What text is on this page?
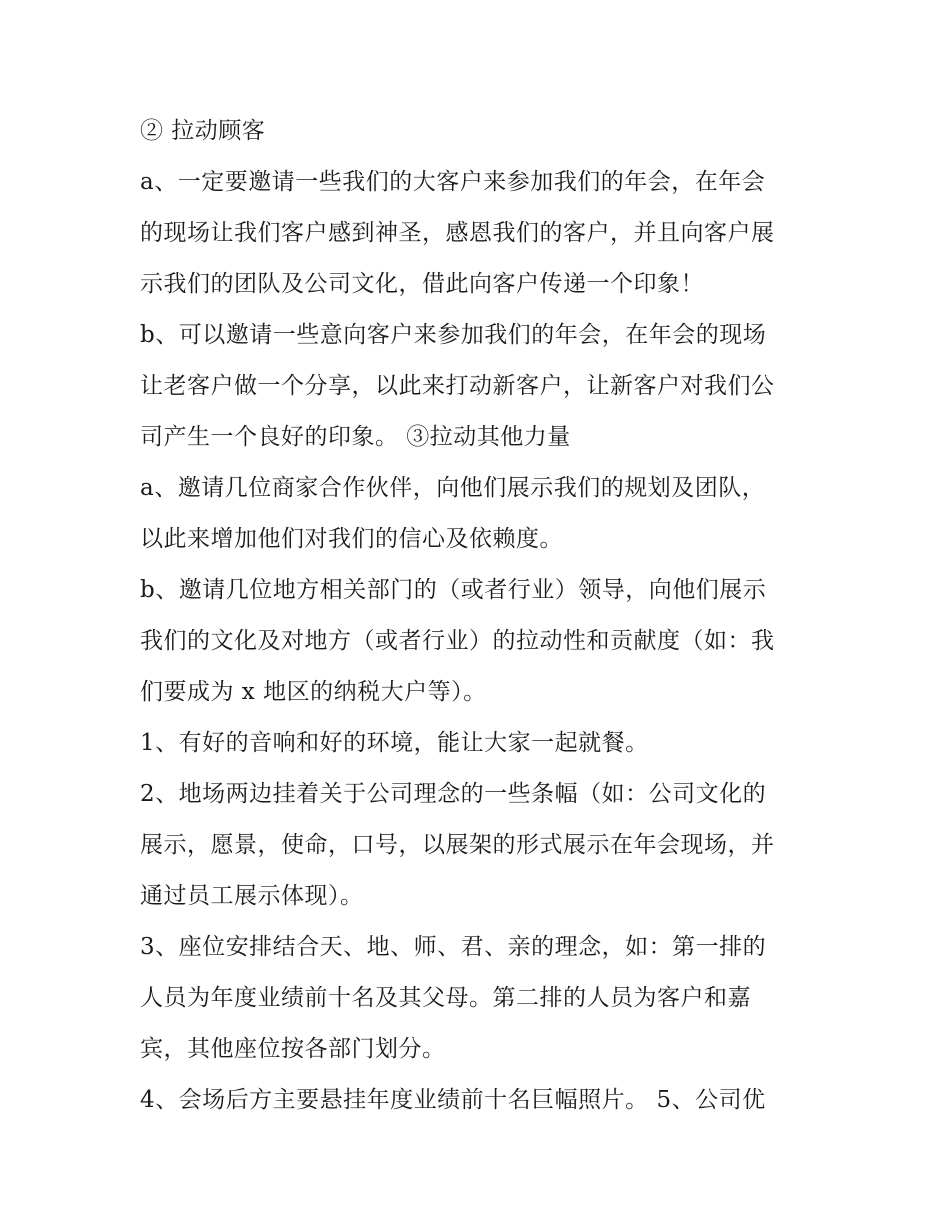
② 拉动顾客
a、一定要邀请一些我们的大客户来参加我们的年会，在年会
的现场让我们客户感到神圣，感恩我们的客户，并且向客户展
示我们的团队及公司文化，借此向客户传递一个印象！
b、可以邀请一些意向客户来参加我们的年会，在年会的现场
让老客户做一个分享，以此来打动新客户，让新客户对我们公
司产生一个良好的印象。 ③拉动其他力量
a、邀请几位商家合作伙伴，向他们展示我们的规划及团队，
以此来增加他们对我们的信心及依赖度。
b、邀请几位地方相关部门的（或者行业）领导，向他们展示
我们的文化及对地方（或者行业）的拉动性和贡献度（如：我
们要成为 x 地区的纳税大户等）。
1、有好的音响和好的环境，能让大家一起就餐。
2、地场两边挂着关于公司理念的一些条幅（如：公司文化的
展示，愿景，使命，口号，以展架的形式展示在年会现场，并
通过员工展示体现）。
3、座位安排结合天、地、师、君、亲的理念，如：第一排的
人员为年度业绩前十名及其父母。第二排的人员为客户和嘉
宾，其他座位按各部门划分。
4、会场后方主要悬挂年度业绩前十名巨幅照片。 5、公司优
